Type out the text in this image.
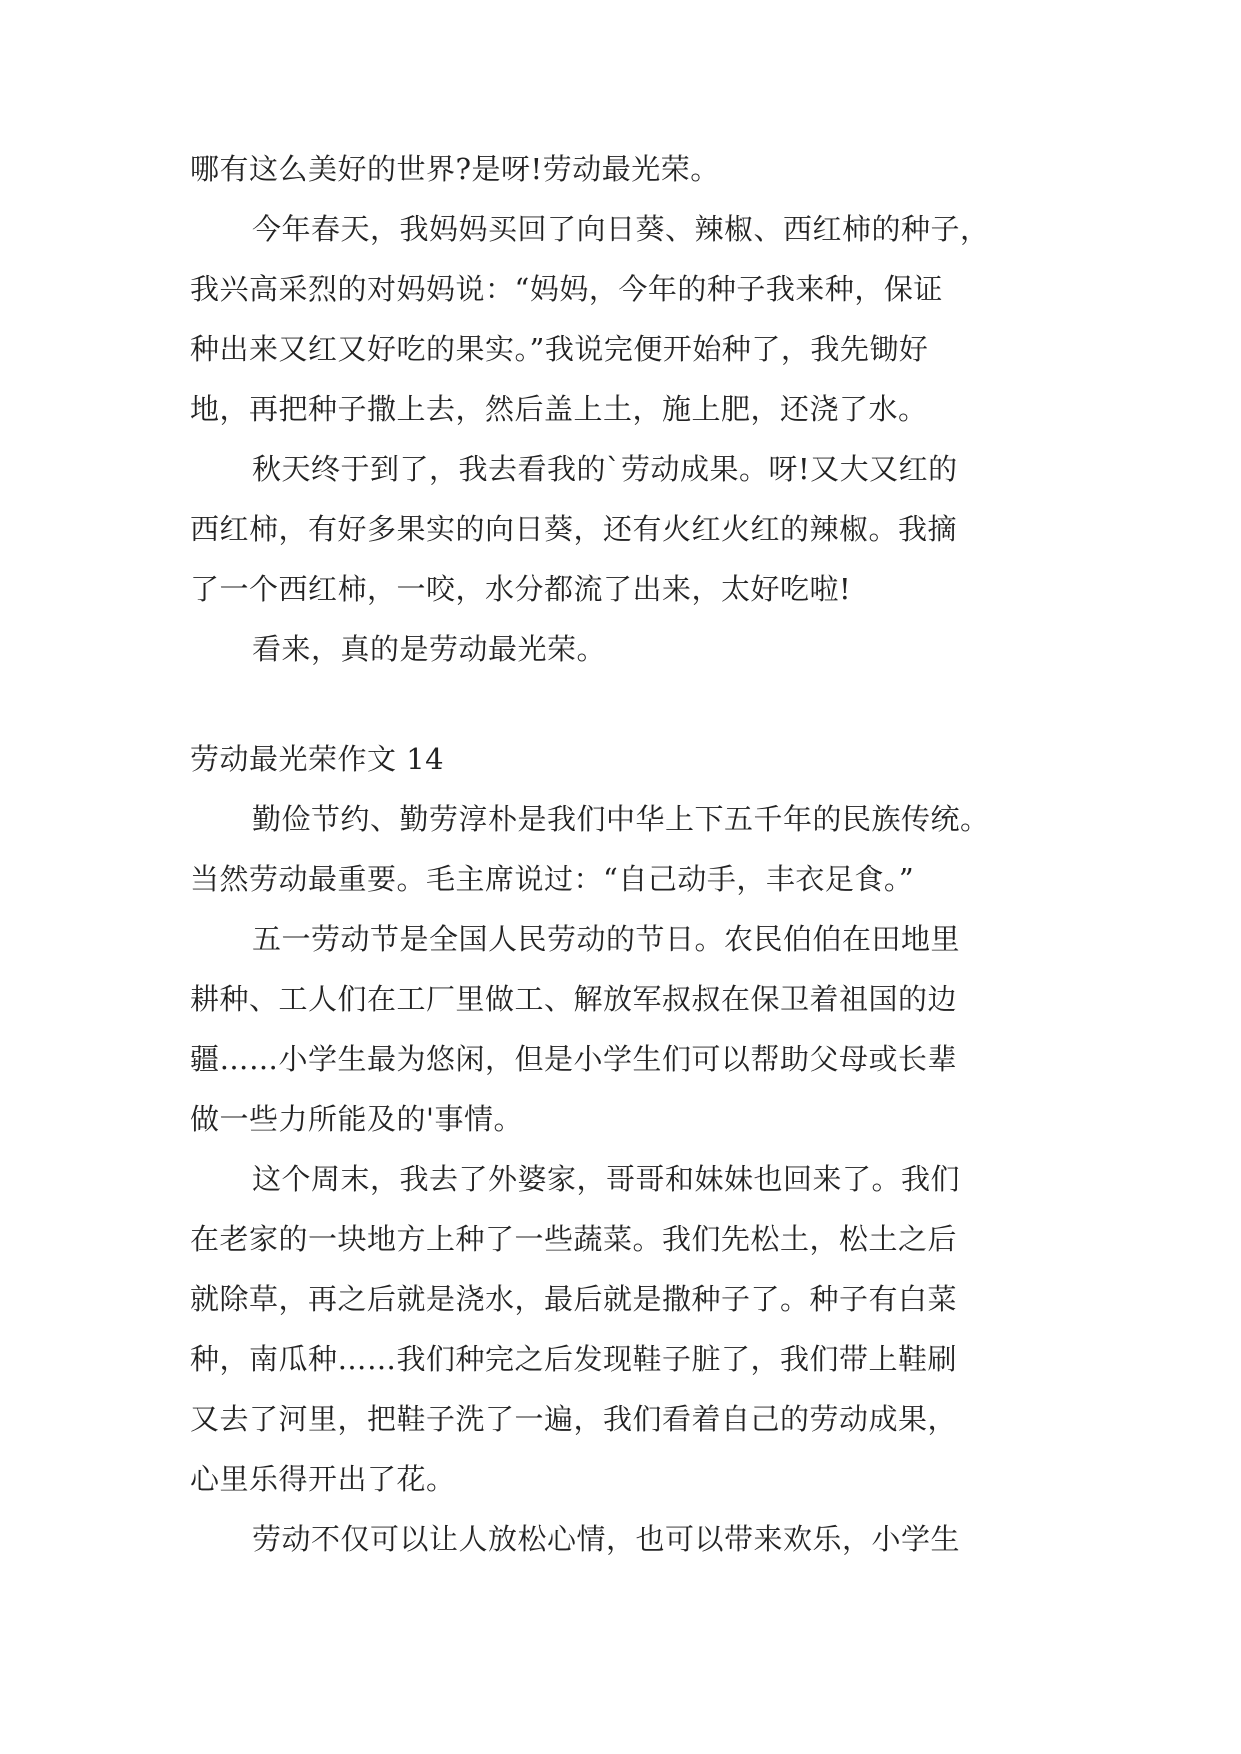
哪有这么美好的世界?是呀!劳动最光荣。
今年春天，我妈妈买回了向日葵、辣椒、西红柿的种子，
我兴高采烈的对妈妈说：“妈妈，今年的种子我来种，保证
种出来又红又好吃的果实。”我说完便开始种了，我先锄好
地，再把种子撒上去，然后盖上土，施上肥，还浇了水。
秋天终于到了，我去看我的`劳动成果。呀!又大又红的
西红柿，有好多果实的向日葵，还有火红火红的辣椒。我摘
了一个西红柿，一咬，水分都流了出来，太好吃啦!
看来，真的是劳动最光荣。
劳动最光荣作文 14
勤俭节约、勤劳淳朴是我们中华上下五千年的民族传统。
当然劳动最重要。毛主席说过：“自己动手，丰衣足食。”
五一劳动节是全国人民劳动的节日。农民伯伯在田地里
耕种、工人们在工厂里做工、解放军叔叔在保卫着祖国的边
疆……小学生最为悠闲，但是小学生们可以帮助父母或长辈
做一些力所能及的'事情。
这个周末，我去了外婆家，哥哥和妹妹也回来了。我们
在老家的一块地方上种了一些蔬菜。我们先松土，松土之后
就除草，再之后就是浇水，最后就是撒种子了。种子有白菜
种，南瓜种……我们种完之后发现鞋子脏了，我们带上鞋刷
又去了河里，把鞋子洗了一遍，我们看着自己的劳动成果，
心里乐得开出了花。
劳动不仅可以让人放松心情，也可以带来欢乐，小学生
